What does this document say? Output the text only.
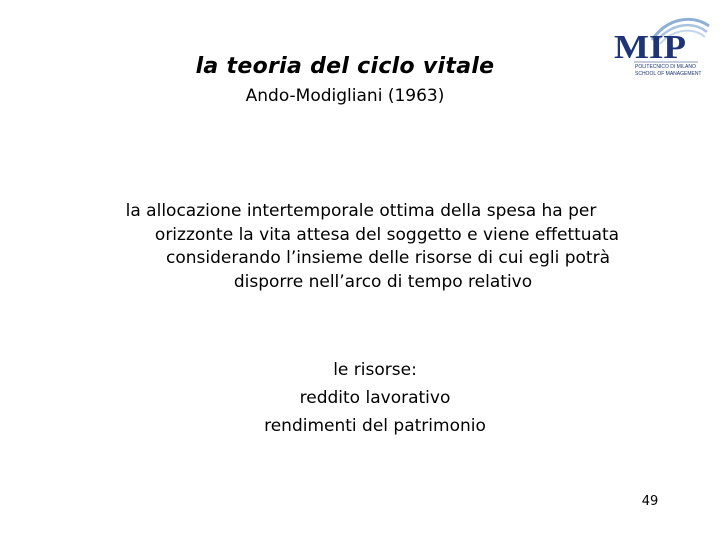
la teoria del ciclo vitale
Ando-Modigliani (1963)
MIP
POLITECNICO DI MILANO
SCHOOL OF MANAGEMENT
la allocazione intertemporale ottima della spesa ha per
orizzonte la vita attesa del soggetto e viene effettuata
considerando l’insieme delle risorse di cui egli potrà
disporre nell’arco di tempo relativo
le risorse:
reddito lavorativo
rendimenti del patrimonio
49
